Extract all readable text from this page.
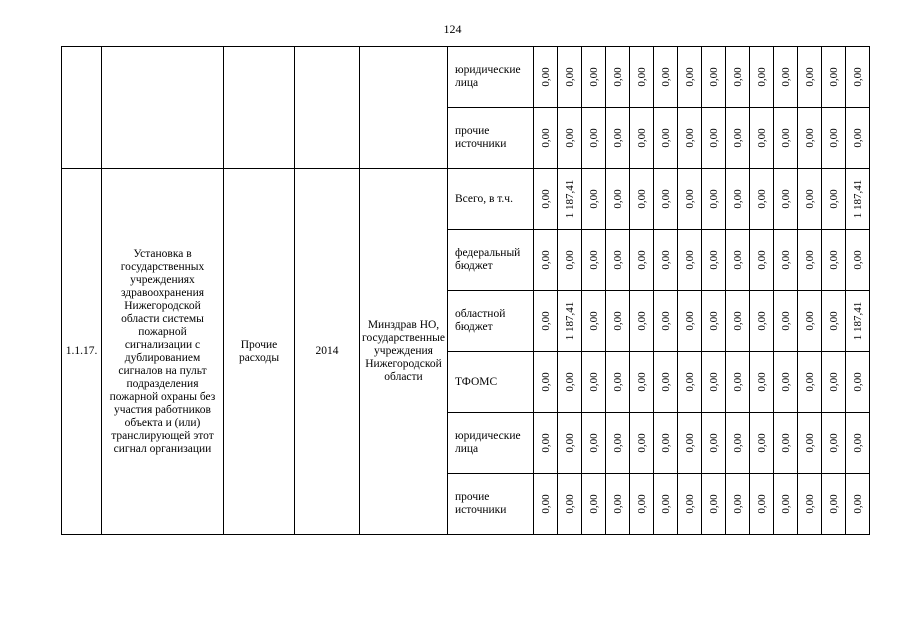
124
					юридические лица	0,00	0,00	0,00	0,00	0,00	0,00	0,00	0,00	0,00	0,00	0,00	0,00	0,00	0,00

					прочие источники	0,00	0,00	0,00	0,00	0,00	0,00	0,00	0,00	0,00	0,00	0,00	0,00	0,00	0,00

1.1.17.	Установка в государственных учреждениях здравоохранения Нижегородской области системы пожарной сигнализации с дублированием сигналов на пульт подразделения пожарной охраны без участия работников объекта и (или) транслирующей этот сигнал организации	Прочие расходы	2014	Минздрав НО, государственные учреждения Нижегородской области	Всего, в т.ч.	0,00	1 187,41	0,00	0,00	0,00	0,00	0,00	0,00	0,00	0,00	0,00	0,00	0,00	1 187,41

					федеральный бюджет	0,00	0,00	0,00	0,00	0,00	0,00	0,00	0,00	0,00	0,00	0,00	0,00	0,00	0,00

					областной бюджет	0,00	1 187,41	0,00	0,00	0,00	0,00	0,00	0,00	0,00	0,00	0,00	0,00	0,00	1 187,41

					ТФОМС	0,00	0,00	0,00	0,00	0,00	0,00	0,00	0,00	0,00	0,00	0,00	0,00	0,00	0,00

					юридические лица	0,00	0,00	0,00	0,00	0,00	0,00	0,00	0,00	0,00	0,00	0,00	0,00	0,00	0,00

					прочие источники	0,00	0,00	0,00	0,00	0,00	0,00	0,00	0,00	0,00	0,00	0,00	0,00	0,00	0,00
